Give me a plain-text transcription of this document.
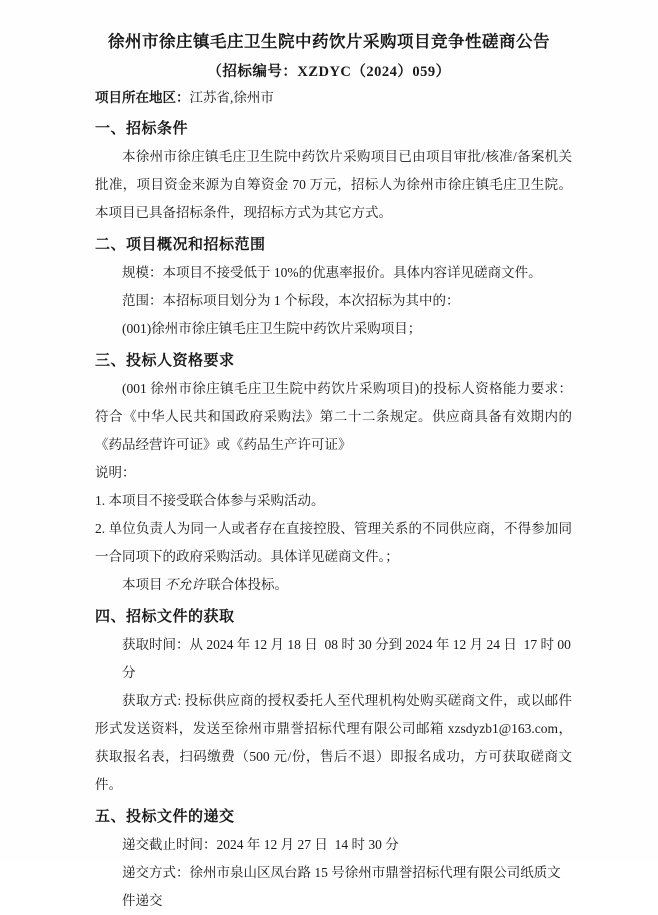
徐州市徐庄镇毛庄卫生院中药饮片采购项目竞争性磋商公告
（招标编号：XZDYC（2024）059）
项目所在地区：江苏省,徐州市
一、招标条件

本徐州市徐庄镇毛庄卫生院中药饮片采购项目已由项目审批/核准/备案机关批准，项目资金来源为自筹资金 70 万元，招标人为徐州市徐庄镇毛庄卫生院。本项目已具备招标条件，现招标方式为其它方式。

二、项目概况和招标范围
规模：本项目不接受低于 10%的优惠率报价。具体内容详见磋商文件。
范围：本招标项目划分为 1 个标段，本次招标为其中的：
(001)徐州市徐庄镇毛庄卫生院中药饮片采购项目；
三、投标人资格要求

(001 徐州市徐庄镇毛庄卫生院中药饮片采购项目)的投标人资格能力要求：符合《中华人民共和国政府采购法》第二十二条规定。供应商具备有效期内的《药品经营许可证》或《药品生产许可证》

说明：
1. 本项目不接受联合体参与采购活动。

2. 单位负责人为同一人或者存在直接控股、管理关系的不同供应商，不得参加同一合同项下的政府采购活动。具体详见磋商文件。；

本项目 不允许 联合体投标。
四、招标文件的获取
获取时间：从 2024 年 12 月 18 日  08 时 30 分到 2024 年 12 月 24 日  17 时 00 分

获取方式: 投标供应商的授权委托人至代理机构处购买磋商文件，或以邮件形式发送资料，发送至徐州市鼎誉招标代理有限公司邮箱 xzsdyzb1@163.com，获取报名表，扫码缴费（500 元/份，售后不退）即报名成功，方可获取磋商文件。

五、投标文件的递交
递交截止时间：2024 年 12 月 27 日  14 时 30 分
递交方式：徐州市泉山区凤台路 15 号徐州市鼎誉招标代理有限公司纸质文件递交
